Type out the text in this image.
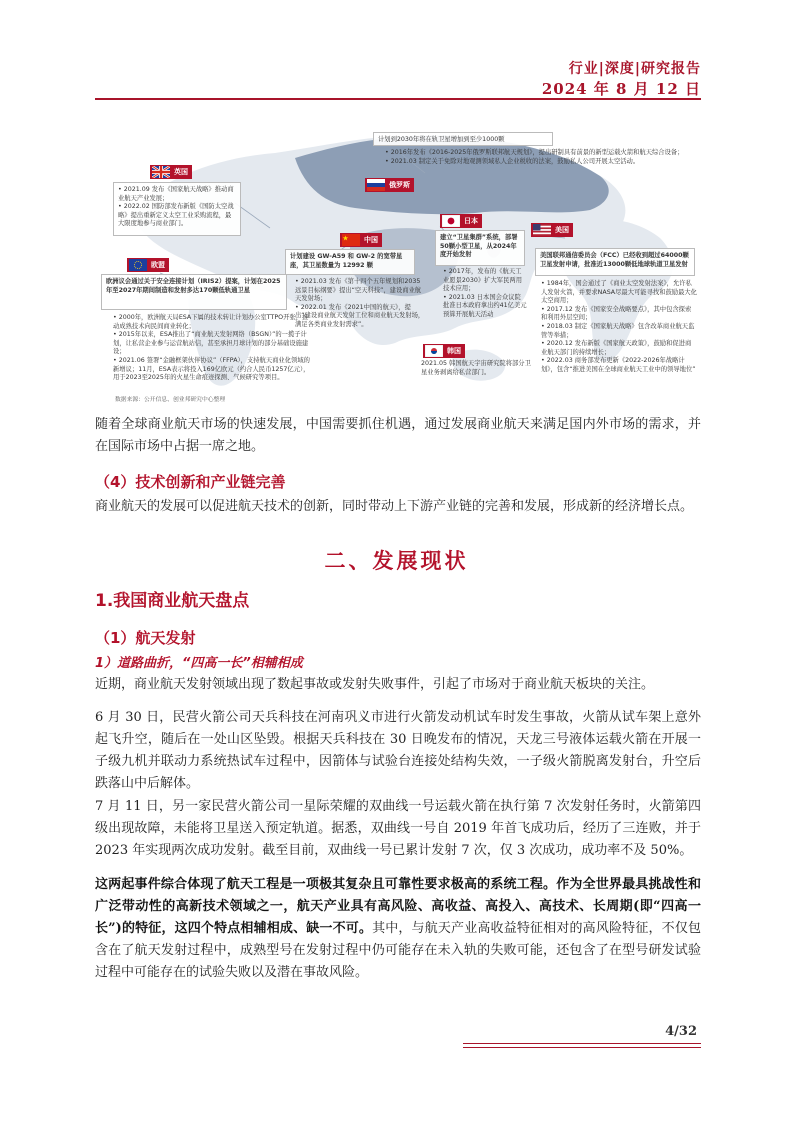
行业|深度|研究报告
2024 年 8 月 12 日
计划到2030年将在轨卫星增加到至少1000颗
• 2016年发布《2016-2025年俄罗斯联邦航天规划》，提出研制具有前景的新型运载火箭和航天综合设备；
• 2021.03 制定关于免除对地观测领域私人企业税收的法案，鼓励私人公司开展太空活动。
俄罗斯
英国
• 2021.09 发布《国家航天战略》推动商业航天产业发展；
• 2022.02 国防部发布新版《国防太空战略》提出重新定义太空工业采购流程，最大限度地参与商业部门。
欧盟
欧洲议会通过关于安全连接计划（IRIS2）提案，计划在2025年至2027年期间制造和发射多达170颗低轨通卫星
• 2000年，欧洲航天局ESA下属的技术转让计划办公室TTPO开张，推动成熟技术向民间商业转化；
• 2015年以来，ESA推出了“商业航天发射网络（BSGN）”的一揽子计划，让私营企业参与运营航站信，甚至承担月球计划的部分基础设施建设；
• 2021.06 签署“金融框架伙伴协议”（FFPA），支持航天商业化领域的新增议；11月，ESA表示将投入169亿欧元（约合人民币1257亿元），用于2023至2025年的火星生命痕迹探测、气候研究等项目。
中国
计划建设 GW-A59 和 GW-2 的宽带星座，其卫星数量为 12992 颗
• 2021.03 发布《第十四个五年规划和2035远景目标纲要》提出“空天科技”，建设商业航天发射场；
• 2022.01 发布《2021中国的航天》，提出“建设商业航天发射工位和商业航天发射场，满足各类商业发射需求”。
日本
建立“卫星集群”系统，部署50颗小型卫星，从2024年度开始发射
• 2017年，发布的《航天工业愿景2030》扩大军民两用技术应用；
• 2021.03 日本国会众议院批准日本政府拿出约41亿美元预算开展航天活动
韩国
2021.05 韩国航天宇宙研究院将部分卫星业务剥离给私营部门。
美国
美国联邦通信委员会（FCC）已经收到超过64000颗卫星发射申请，批准近13000颗低地球轨道卫星发射
• 1984年，国会通过了《商业太空发射法案》，允许私人发射火箭，并要求NASA尽最大可能寻找和鼓励最大化太空商用；
• 2017.12 发布《国家安全战略要点》，其中包含探索和利用外层空间；
• 2018.03 制定《国家航天战略》包含改革商业航天监管等举措；
• 2020.12 发布新版《国家航天政策》，鼓励和促进商业航天部门的持续增长；
• 2022.03 商务部发布更新《2022-2026年战略计划》，包含“推进美国在全球商业航天工业中的领导地位”
数据来源：公开信息、创业邦研究中心整理
随着全球商业航天市场的快速发展，中国需要抓住机遇，通过发展商业航天来满足国内外市场的需求，并在国际市场中占据一席之地。
（4）技术创新和产业链完善
商业航天的发展可以促进航天技术的创新，同时带动上下游产业链的完善和发展，形成新的经济增长点。
二、发展现状
1.我国商业航天盘点
（1）航天发射
1）道路曲折，“四高一长”相辅相成
近期，商业航天发射领域出现了数起事故或发射失败事件，引起了市场对于商业航天板块的关注。
6 月 30 日，民营火箭公司天兵科技在河南巩义市进行火箭发动机试车时发生事故，火箭从试车架上意外起飞升空，随后在一处山区坠毁。根据天兵科技在 30 日晚发布的情况，天龙三号液体运载火箭在开展一子级九机并联动力系统热试车过程中，因箭体与试验台连接处结构失效，一子级火箭脱离发射台，升空后跌落山中后解体。
7 月 11 日，另一家民营火箭公司一星际荣耀的双曲线一号运载火箭在执行第 7 次发射任务时，火箭第四级出现故障，未能将卫星送入预定轨道。据悉，双曲线一号自 2019 年首飞成功后，经历了三连败，并于 2023 年实现两次成功发射。截至目前，双曲线一号已累计发射 7 次，仅 3 次成功，成功率不及 50%。
这两起事件综合体现了航天工程是一项极其复杂且可靠性要求极高的系统工程。作为全世界最具挑战性和广泛带动性的高新技术领域之一，航天产业具有高风险、高收益、高投入、高技术、长周期(即“四高一长”)的特征，这四个特点相辅相成、缺一不可。其中，与航天产业高收益特征相对的高风险特征，不仅包含在了航天发射过程中，成熟型号在发射过程中仍可能存在未入轨的失败可能，还包含了在型号研发试验过程中可能存在的试验失败以及潜在事故风险。
4/32
